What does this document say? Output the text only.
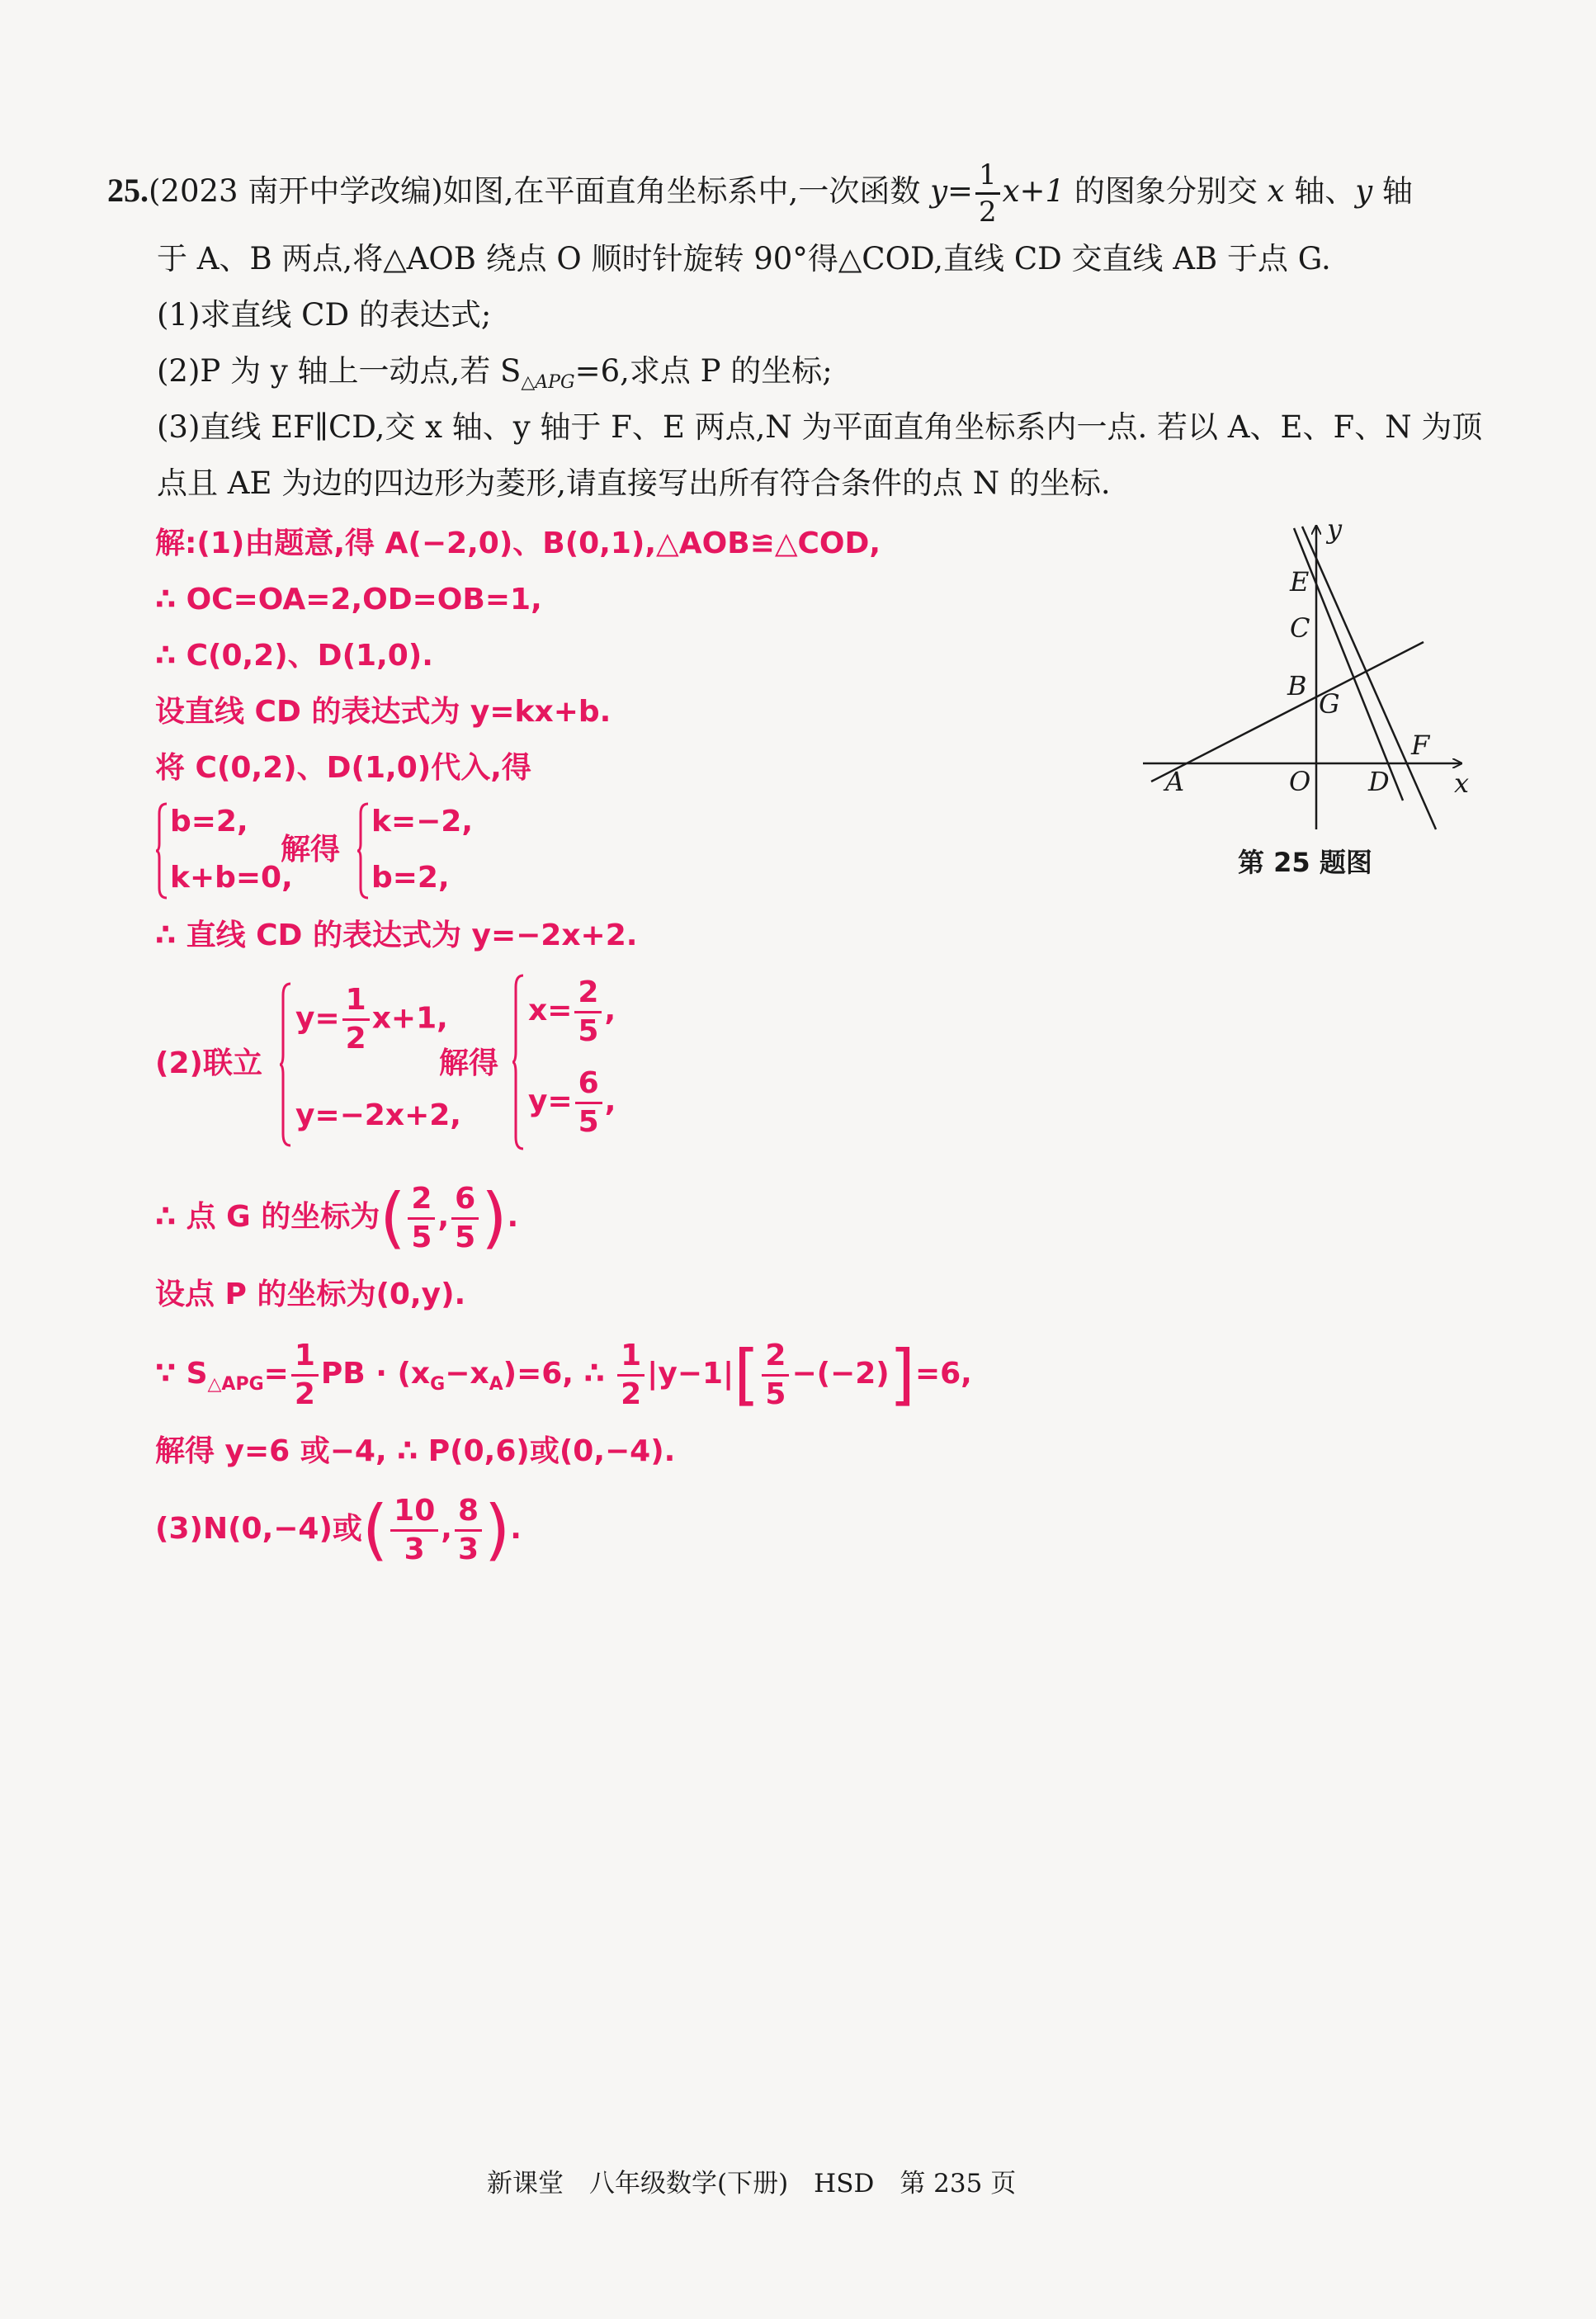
25.(2023 南开中学改编)如图,在平面直角坐标系中,一次函数 $y= \frac{1}{2} x+1$ 的图象分别交 x 轴、y 轴
于 A、B 两点,将△AOB 绕点 O 顺时针旋转 90°得△COD,直线 CD 交直线 AB 于点 G.
(1)求直线 CD 的表达式;
(2)P 为 y 轴上一动点,若 $S_{\triangle APG}=6$,求点 P 的坐标;
(3)直线 EF∥CD,交 x 轴、y 轴于 F、E 两点,N 为平面直角坐标系内一点. 若以 A、E、F、N 为顶
点且 AE 为边的四边形为菱形,请直接写出所有符合条件的点 N 的坐标.
解:(1)由题意,得 A(−2,0)、B(0,1),△AOB≌△COD,
∴ OC=OA=2,OD=OB=1,
∴ C(0,2)、D(1,0).
设直线 CD 的表达式为 y=kx+b.
将 C(0,2)、D(1,0)代入,得
b=2,
k+b=0,
解得
k=−2,
b=2,
∴ 直线 CD 的表达式为 y=−2x+2.
(2)联立
$y= \frac{1}{2} x+1$,
y=−2x+2,
解得
$x= \frac{2}{5}$ ,
$y= \frac{6}{5}$ ,
∴ 点 G 的坐标为( $\frac{2}{5}$ , $\frac{6}{5}$ ).
设点 P 的坐标为(0,y).
∵ $S_{\triangle APG}= \frac{1}{2}$ PB · $(x_G-x_A)=6$, ∴ $\frac{1}{2} |y-1|[ \frac{2}{5} -(-2)]=6$,
解得 y=6 或−4, ∴ P(0,6)或(0,−4).
(3)N(0,−4)或( $\frac{10}{3}$ , $\frac{8}{3}$ ).
y
x
E
C
B
G
F
A	O D
第 25 题图
新课堂　八年级数学(下册)　HSD　第 235 页
